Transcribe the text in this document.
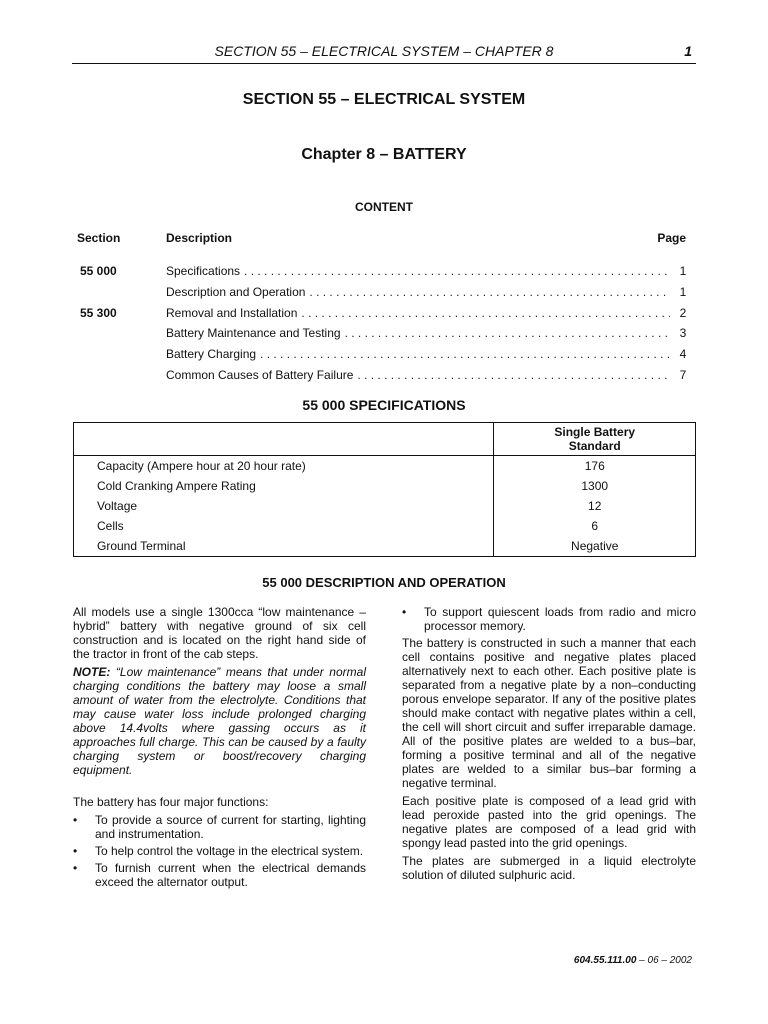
SECTION 55 – ELECTRICAL SYSTEM – CHAPTER 8	1
SECTION 55 – ELECTRICAL SYSTEM
Chapter 8 – BATTERY
CONTENT
Section	Description	Page
55 000	Specifications . . .	1
Description and Operation . . .	1
55 300	Removal and Installation . . .	2
Battery Maintenance and Testing . . .	3
Battery Charging . . .	4
Common Causes of Battery Failure . . .	7
55 000 SPECIFICATIONS
	Single Battery
Standard
Capacity (Ampere hour at 20 hour rate)	176
Cold Cranking Ampere Rating	1300
Voltage	12
Cells	6
Ground Terminal	Negative
55 000 DESCRIPTION AND OPERATION

All models use a single 1300cca “low maintenance – hybrid” battery with negative ground of six cell construction and is located on the right hand side of the tractor in front of the cab steps.

NOTE: “Low maintenance” means that under normal charging conditions the battery may loose a small amount of water from the electrolyte. Conditions that may cause water loss include prolonged charging above 14.4volts where gassing occurs as it approaches full charge. This can be caused by a faulty charging system or boost/recovery charging equipment.

The battery has four major functions:

• To provide a source of current for starting, lighting and instrumentation.
• To help control the voltage in the electrical system.
• To furnish current when the electrical demands exceed the alternator output.
• To support quiescent loads from radio and micro processor memory.

The battery is constructed in such a manner that each cell contains positive and negative plates placed alternatively next to each other. Each positive plate is separated from a negative plate by a non–conducting porous envelope separator. If any of the positive plates should make contact with negative plates within a cell, the cell will short circuit and suffer irreparable damage. All of the positive plates are welded to a bus–bar, forming a positive terminal and all of the negative plates are welded to a similar bus–bar forming a negative terminal.

Each positive plate is composed of a lead grid with lead peroxide pasted into the grid openings. The negative plates are composed of a lead grid with spongy lead pasted into the grid openings.

The plates are submerged in a liquid electrolyte solution of diluted sulphuric acid.

604.55.111.00 – 06 – 2002
